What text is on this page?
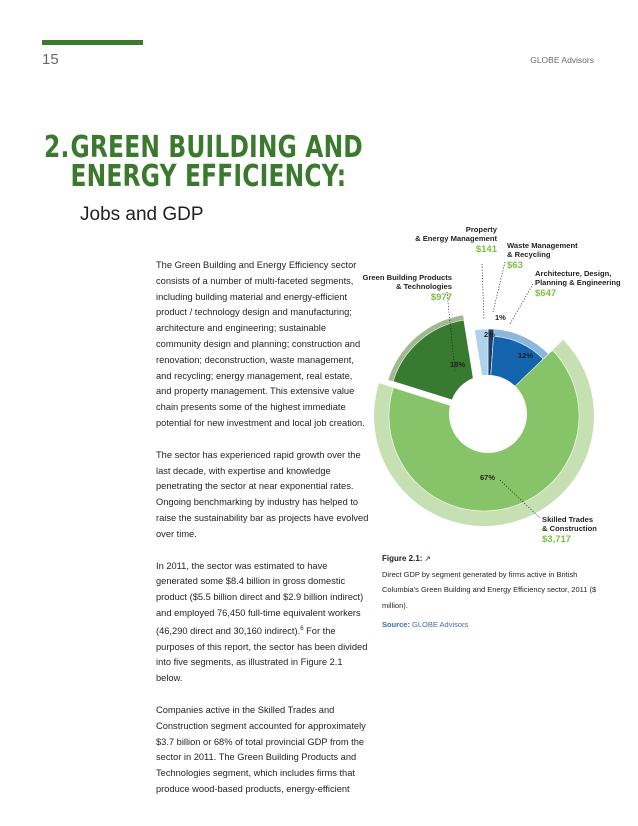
15	GLOBE Advisors
2.GREEN BUILDING AND
ENERGY EFFICIENCY:
Jobs and GDP

The Green Building and Energy Efficiency sector consists of a number of multi-faceted segments, including building material and energy-efficient product / technology design and manufacturing; architecture and engineering; sustainable community design and planning; construction and renovation; deconstruction, waste management, and recycling; energy management, real estate, and property management. This extensive value chain presents some of the highest immediate potential for new investment and local job creation.

The sector has experienced rapid growth over the last decade, with expertise and knowledge penetrating the sector at near exponential rates. Ongoing benchmarking by industry has helped to raise the sustainability bar as projects have evolved over time.

In 2011, the sector was estimated to have generated some $8.4 billion in gross domestic product ($5.5 billion direct and $2.9 billion indirect) and employed 76,450 full-time equivalent workers (46,290 direct and 30,160 indirect).$^6$ For the purposes of this report, the sector has been divided into five segments, as illustrated in Figure 2.1 below.

Companies active in the Skilled Trades and Construction segment accounted for approximately $3.7 billion or 68% of total provincial GDP from the sector in 2011. The Green Building Products and Technologies segment, which includes firms that produce wood-based products, energy-efficient

67%
Skilled Trades & Construction
$3,717
18%
Green Building Products & Technologies
$977
2%
Property & Energy Management
$141
1%
Waste Management & Recycling
$63
12%
Architecture, Design, Planning & Engineering
$647
Figure 2.1: ↗
Direct GDP by segment generated by firms active in British Columbia's Green Building and Energy Efficiency sector, 2011 ($ million).
Source: GLOBE Advisors
